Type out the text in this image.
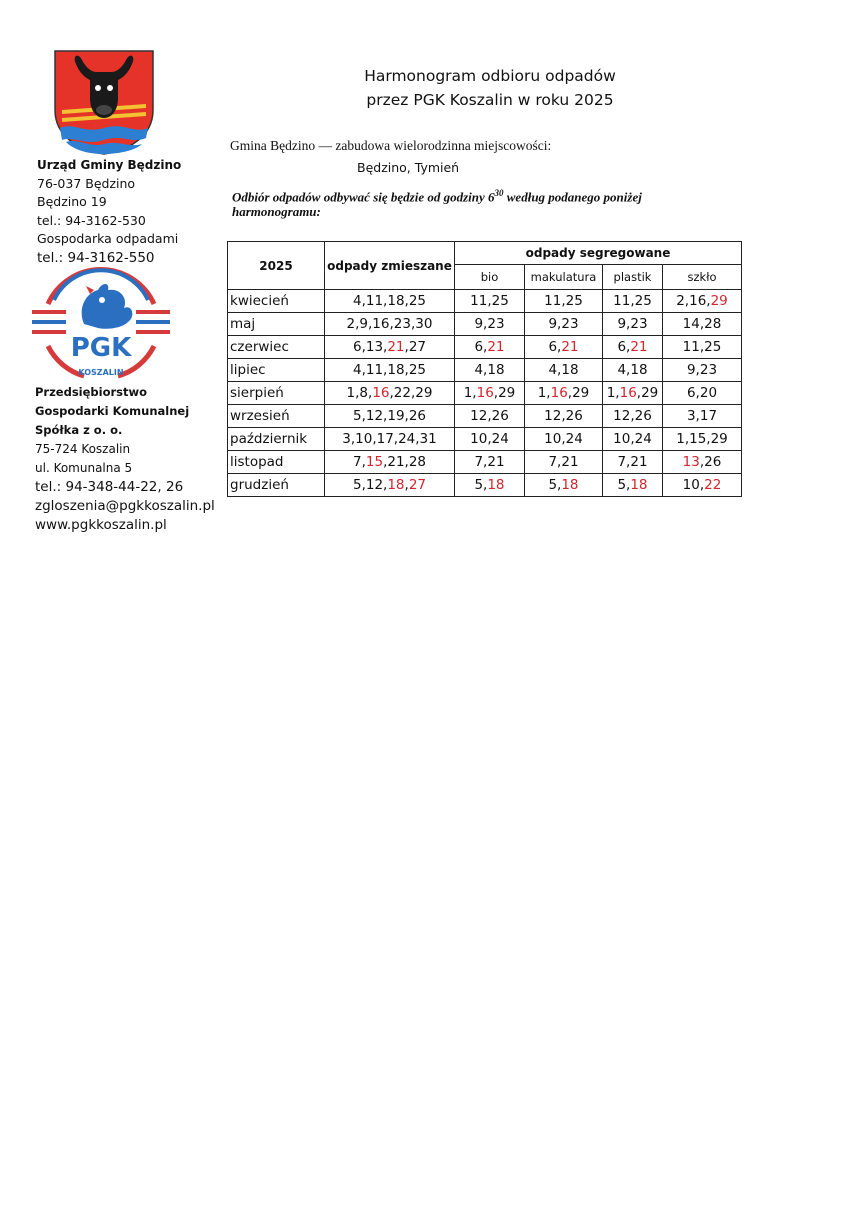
Urząd Gminy Będzino
76-037 Będzino
Będzino 19
tel.: 94-3162-530
Gospodarka odpadami
tel.: 94-3162-550
PGK
KOSZALIN
Przedsiębiorstwo
Gospodarki Komunalnej
Spółka z o. o.
75-724 Koszalin
ul. Komunalna 5
tel.: 94-348-44-22, 26
zgloszenia@pgkkoszalin.pl
www.pgkkoszalin.pl
Harmonogram odbioru odpadów
przez PGK Koszalin w roku 2025
Gmina Będzino — zabudowa wielorodzinna miejscowości:
Będzino, Tymień
Odbiór odpadów odbywać się będzie od godziny $6^{30}$ według podanego poniżej harmonogramu:
2025	odpady zmieszane	odpady segregowane			
		bio	makulatura	plastik	szkło
kwiecień	4,11,18,25	11,25	11,25	11,25	2,16,29
maj	2,9,16,23,30	9,23	9,23	9,23	14,28
czerwiec	6,13,21,27	6,21	6,21	6,21	11,25
lipiec	4,11,18,25	4,18	4,18	4,18	9,23
sierpień	1,8,16,22,29	1,16,29	1,16,29	1,16,29	6,20
wrzesień	5,12,19,26	12,26	12,26	12,26	3,17
październik	3,10,17,24,31	10,24	10,24	10,24	1,15,29
listopad	7,15,21,28	7,21	7,21	7,21	13,26
grudzień	5,12,18,27	5,18	5,18	5,18	10,22
